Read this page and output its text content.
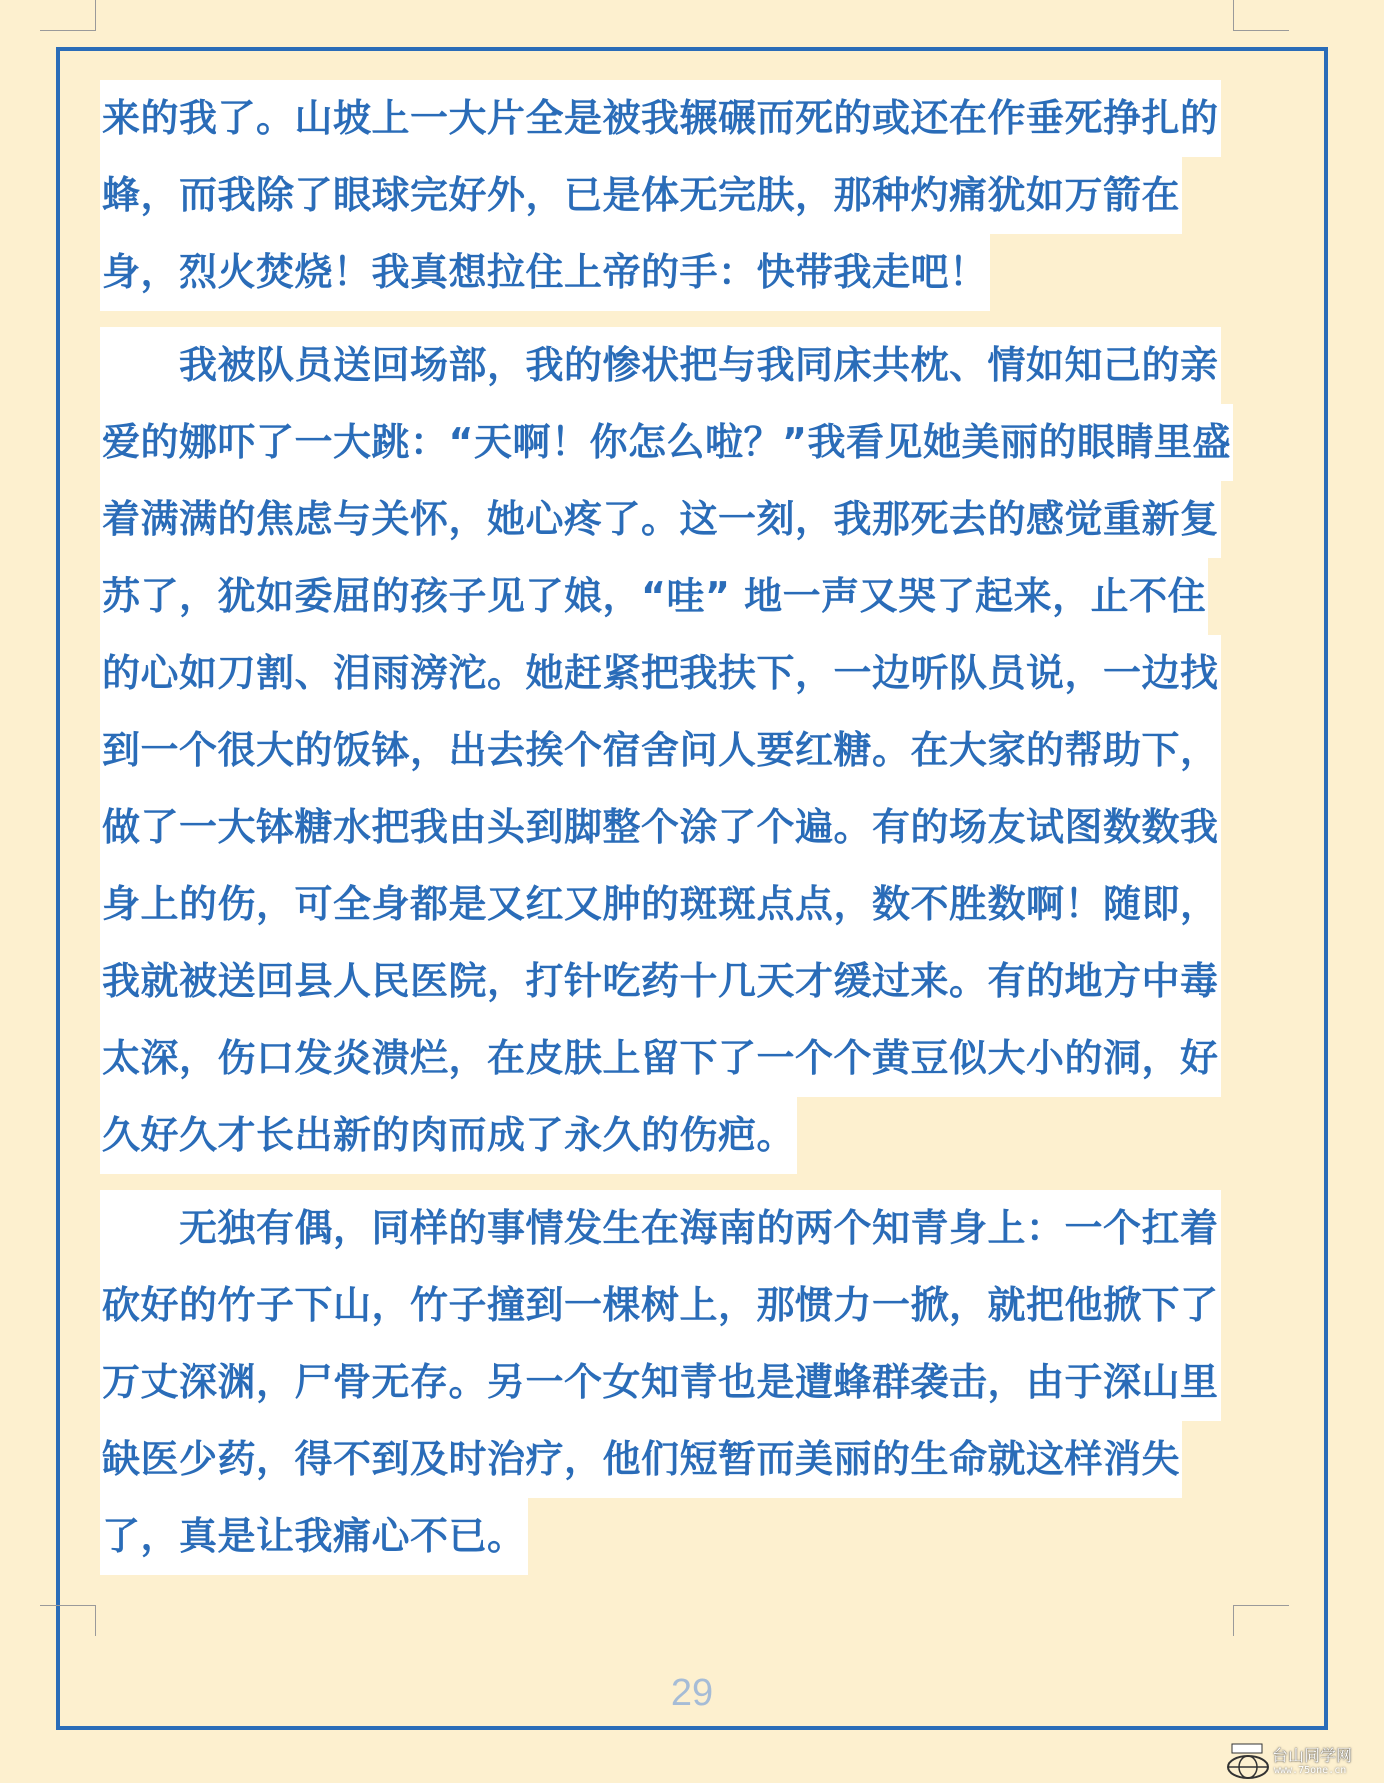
来的我了。山坡上一大片全是被我辗碾而死的或还在作垂死挣扎的
蜂，而我除了眼球完好外，已是体无完肤，那种灼痛犹如万箭在
身，烈火焚烧！我真想拉住上帝的手：快带我走吧！
　　我被队员送回场部，我的惨状把与我同床共枕、情如知己的亲
爱的娜吓了一大跳：“天啊！你怎么啦？”我看见她美丽的眼睛里盛
着满满的焦虑与关怀，她心疼了。这一刻，我那死去的感觉重新复
苏了，犹如委屈的孩子见了娘，“哇” 地一声又哭了起来，止不住
的心如刀割、泪雨滂沱。她赶紧把我扶下，一边听队员说，一边找
到一个很大的饭钵，出去挨个宿舍问人要红糖。在大家的帮助下，
做了一大钵糖水把我由头到脚整个涂了个遍。有的场友试图数数我
身上的伤，可全身都是又红又肿的斑斑点点，数不胜数啊！随即，
我就被送回县人民医院，打针吃药十几天才缓过来。有的地方中毒
太深，伤口发炎溃烂，在皮肤上留下了一个个黄豆似大小的洞，好
久好久才长出新的肉而成了永久的伤疤。
　　无独有偶，同样的事情发生在海南的两个知青身上：一个扛着
砍好的竹子下山，竹子撞到一棵树上，那惯力一掀，就把他掀下了
万丈深渊，尸骨无存。另一个女知青也是遭蜂群袭击，由于深山里
缺医少药，得不到及时治疗，他们短暂而美丽的生命就这样消失
了，真是让我痛心不已。
29
台山同学网
www.75one.cn
